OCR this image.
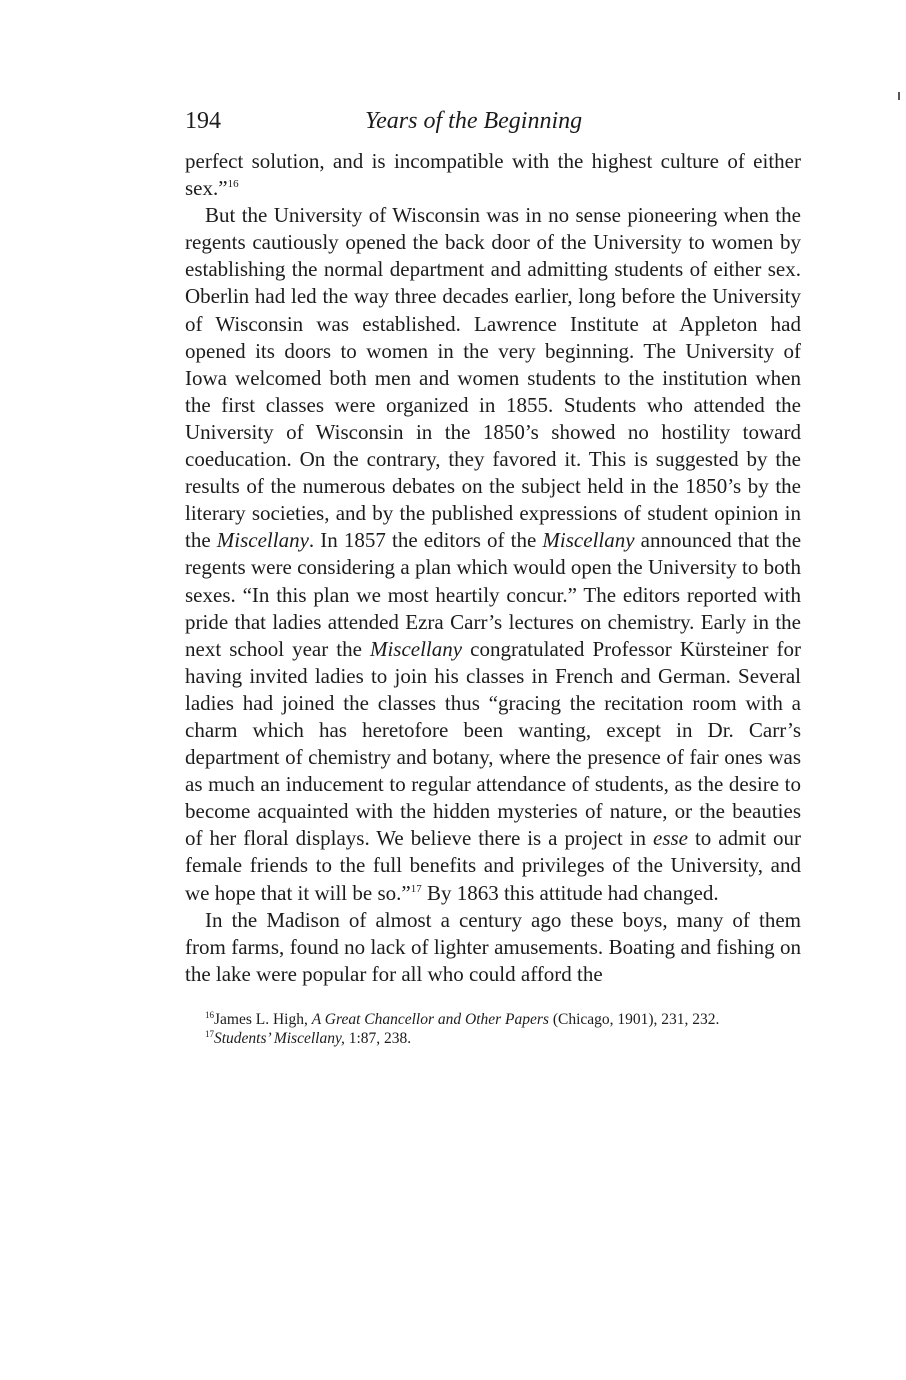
194	Years of the Beginning

perfect solution, and is incompatible with the highest culture of either sex.”$^{16}$

But the University of Wisconsin was in no sense pioneering when the regents cautiously opened the back door of the University to women by establishing the normal department and admitting students of either sex. Oberlin had led the way three decades earlier, long before the University of Wisconsin was established. Lawrence Institute at Appleton had opened its doors to women in the very beginning. The University of Iowa welcomed both men and women students to the institution when the first classes were organized in 1855. Students who attended the University of Wisconsin in the 1850’s showed no hostility toward coeducation. On the contrary, they favored it. This is suggested by the results of the numerous debates on the subject held in the 1850’s by the literary societies, and by the published expressions of student opinion in the Miscellany. In 1857 the editors of the Miscellany announced that the regents were considering a plan which would open the University to both sexes. “In this plan we most heartily concur.” The editors reported with pride that ladies attended Ezra Carr’s lectures on chemistry. Early in the next school year the Miscellany congratulated Professor Kürsteiner for having invited ladies to join his classes in French and German. Several ladies had joined the classes thus “gracing the recitation room with a charm which has heretofore been wanting, except in Dr. Carr’s department of chemistry and botany, where the presence of fair ones was as much an inducement to regular attendance of students, as the desire to become acquainted with the hidden mysteries of nature, or the beauties of her floral displays. We believe there is a project in esse to admit our female friends to the full benefits and privileges of the University, and we hope that it will be so.”$^{17}$ By 1863 this attitude had changed.

In the Madison of almost a century ago these boys, many of them from farms, found no lack of lighter amusements. Boating and fishing on the lake were popular for all who could afford the

$^{16}$James L. High, A Great Chancellor and Other Papers (Chicago, 1901), 231, 232.

$^{17}$Students’ Miscellany, 1:87, 238.
